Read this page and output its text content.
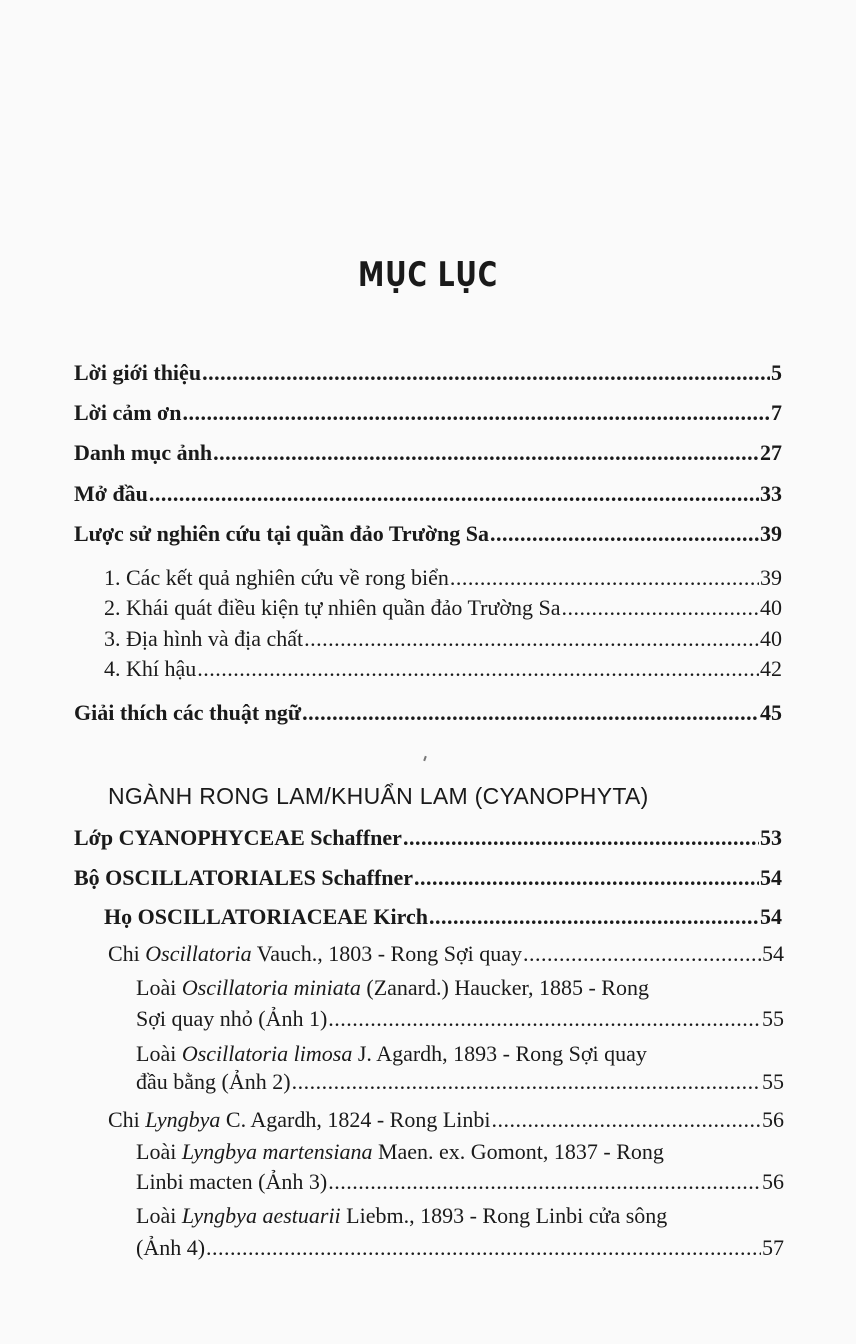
MỤC LỤC
Lời giới thiệu .....	5
Lời cảm ơn .....	7
Danh mục ảnh .....	27
Mở đầu .....	33
Lược sử nghiên cứu tại quần đảo Trường Sa .....	39
1. Các kết quả nghiên cứu về rong biển .....	39
2. Khái quát điều kiện tự nhiên quần đảo Trường Sa .....	40
3. Địa hình và địa chất .....	40
4. Khí hậu .....	42
Giải thích các thuật ngữ .....	45
NGÀNH RONG LAM/KHUẨN LAM (CYANOPHYTA)
Lớp CYANOPHYCEAE Schaffner .....	53
Bộ OSCILLATORIALES Schaffner .....	54
Họ OSCILLATORIACEAE Kirch .....	54
Chi Oscillatoria Vauch., 1803 - Rong Sợi quay .....	54
Loài Oscillatoria miniata (Zanard.) Haucker, 1885 - Rong
Sợi quay nhỏ (Ảnh 1) .....	55
Loài Oscillatoria limosa J. Agardh, 1893 - Rong Sợi quay
đầu bằng (Ảnh 2) .....	55
Chi Lyngbya C. Agardh, 1824 - Rong Linbi .....	56
Loài Lyngbya martensiana Maen. ex. Gomont, 1837 - Rong
Linbi macten (Ảnh 3) .....	56
Loài Lyngbya aestuarii Liebm., 1893 - Rong Linbi cửa sông
(Ảnh 4) .....	57
